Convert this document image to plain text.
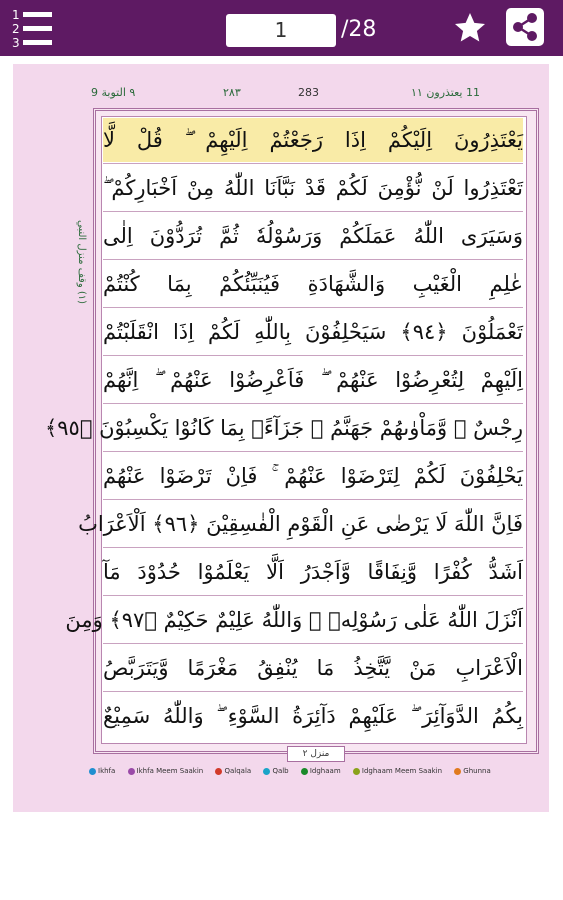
1
2
3
1	/28
٩ التوبة 9	٢٨٣	283	11 يعتذرون ١١
(١) وقف منزل النبي
يَعْتَذِرُونَ اِلَيْكُمْ اِذَا رَجَعْتُمْ اِلَيْهِمْ ۖ قُلْ لَّا
تَعْتَذِرُوا لَنْ نُّؤْمِنَ لَكُمْ قَدْ نَبَّاَنَا اللّٰهُ مِنْ اَخْبَارِكُمْ ۖ
وَسَيَرَى اللّٰهُ عَمَلَكُمْ وَرَسُوْلُهٗ ثُمَّ تُرَدُّوْنَ اِلٰى
عٰلِمِ الْغَيْبِ وَالشَّهَادَةِ فَيُنَبِّئُكُمْ بِمَا كُنْتُمْ
تَعْمَلُوْنَ ﴿٩٤﴾ سَيَحْلِفُوْنَ بِاللّٰهِ لَكُمْ اِذَا انْقَلَبْتُمْ
اِلَيْهِمْ لِتُعْرِضُوْا عَنْهُمْ ۖ فَاَعْرِضُوْا عَنْهُمْ ۖ اِنَّهُمْ
رِجْسٌ ۖ وَّمَاْوٰىهُمْ جَهَنَّمُ ۚ جَزَآءًۢ بِمَا كَانُوْا يَكْسِبُوْنَ ﴿٩٥﴾
يَحْلِفُوْنَ لَكُمْ لِتَرْضَوْا عَنْهُمْ ۚ فَاِنْ تَرْضَوْا عَنْهُمْ
فَاِنَّ اللّٰهَ لَا يَرْضٰى عَنِ الْقَوْمِ الْفٰسِقِيْنَ ﴿٩٦﴾ اَلْاَعْرَابُ
اَشَدُّ كُفْرًا وَّنِفَاقًا وَّاَجْدَرُ اَلَّا يَعْلَمُوْا حُدُوْدَ مَآ
اَنْزَلَ اللّٰهُ عَلٰى رَسُوْلِهٖ ۖ وَاللّٰهُ عَلِيْمٌ حَكِيْمٌ ﴿٩٧﴾ وَمِنَ
الْاَعْرَابِ مَنْ يَّتَّخِذُ مَا يُنْفِقُ مَغْرَمًا وَّيَتَرَبَّصُ
بِكُمُ الدَّوَآئِرَ ۖ عَلَيْهِمْ دَآئِرَةُ السَّوْءِ ۖ وَاللّٰهُ سَمِيْعٌ
منزل ٢
Ikhfa	Ikhfa Meem Saakin	Qalqala	Qalb	Idghaam	Idghaam Meem Saakin	Ghunna
